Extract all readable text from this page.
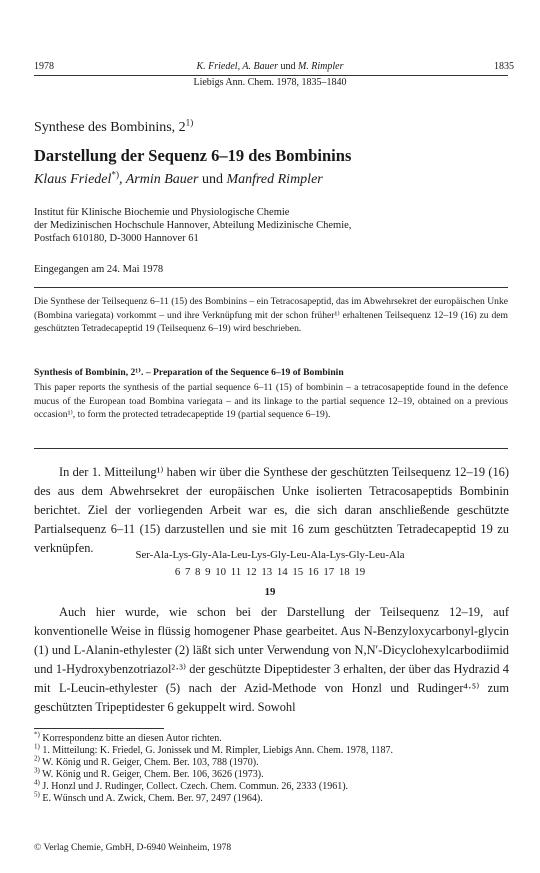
1978	K. Friedel, A. Bauer und M. Rimpler	1835
Liebigs Ann. Chem. 1978, 1835–1840
Synthese des Bombinins, 2$^{1)}$
Darstellung der Sequenz 6–19 des Bombinins
Klaus Friedel*), Armin Bauer und Manfred Rimpler
Institut für Klinische Biochemie und Physiologische Chemie
der Medizinischen Hochschule Hannover, Abteilung Medizinische Chemie,
Postfach 610180, D-3000 Hannover 61
Eingegangen am 24. Mai 1978
Die Synthese der Teilsequenz 6–11 (15) des Bombinins – ein Tetracosapeptid, das im Abwehrsekret der europäischen Unke (Bombina variegata) vorkommt – und ihre Verknüpfung mit der schon früher¹⁾ erhaltenen Teilsequenz 12–19 (16) zu dem geschützten Tetradecapeptid 19 (Teilsequenz 6–19) wird beschrieben.
Synthesis of Bombinin, 2¹⁾. – Preparation of the Sequence 6–19 of Bombinin
This paper reports the synthesis of the partial sequence 6–11 (15) of bombinin – a tetracosapeptide found in the defence mucus of the European toad Bombina variegata – and its linkage to the partial sequence 12–19, obtained on a previous occasion¹⁾, to form the protected tetradecapeptide 19 (partial sequence 6–19).
In der 1. Mitteilung¹⁾ haben wir über die Synthese der geschützten Teilsequenz 12–19 (16) des aus dem Abwehrsekret der europäischen Unke isolierten Tetracosapeptids Bombinin berichtet. Ziel der vorliegenden Arbeit war es, die sich daran anschließende geschützte Partialsequenz 6–11 (15) darzustellen und sie mit 16 zum geschützten Tetradecapeptid 19 zu verknüpfen.	Ser-Ala-Lys-Gly-Ala-Leu-Lys-Gly-Leu-Ala-Lys-Gly-Leu-Ala
6 7 8 9 10 11 12 13 14 15 16 17 18 19
19
Auch hier wurde, wie schon bei der Darstellung der Teilsequenz 12–19, auf konventionelle Weise in flüssig homogener Phase gearbeitet. Aus N-Benzyloxycarbonyl-glycin (1) und L-Alanin-ethylester (2) läßt sich unter Verwendung von N,N′-Dicyclohexylcarbodiimid und 1-Hydroxybenzotriazol²·³⁾ der geschützte Dipeptidester 3 erhalten, der über das Hydrazid 4 mit L-Leucin-ethylester (5) nach der Azid-Methode von Honzl und Rudinger⁴·⁵⁾ zum geschützten Tripeptidester 6 gekuppelt wird. Sowohl
*) Korrespondenz bitte an diesen Autor richten.
$^{1)}$ 1. Mitteilung: K. Friedel, G. Jonissek und M. Rimpler, Liebigs Ann. Chem. 1978, 1187.
$^{2)}$ W. König und R. Geiger, Chem. Ber. 103, 788 (1970).
$^{3)}$ W. König und R. Geiger, Chem. Ber. 106, 3626 (1973).
$^{4)}$ J. Honzl und J. Rudinger, Collect. Czech. Chem. Commun. 26, 2333 (1961).
$^{5)}$ E. Wünsch und A. Zwick, Chem. Ber. 97, 2497 (1964).
© Verlag Chemie, GmbH, D-6940 Weinheim, 1978
